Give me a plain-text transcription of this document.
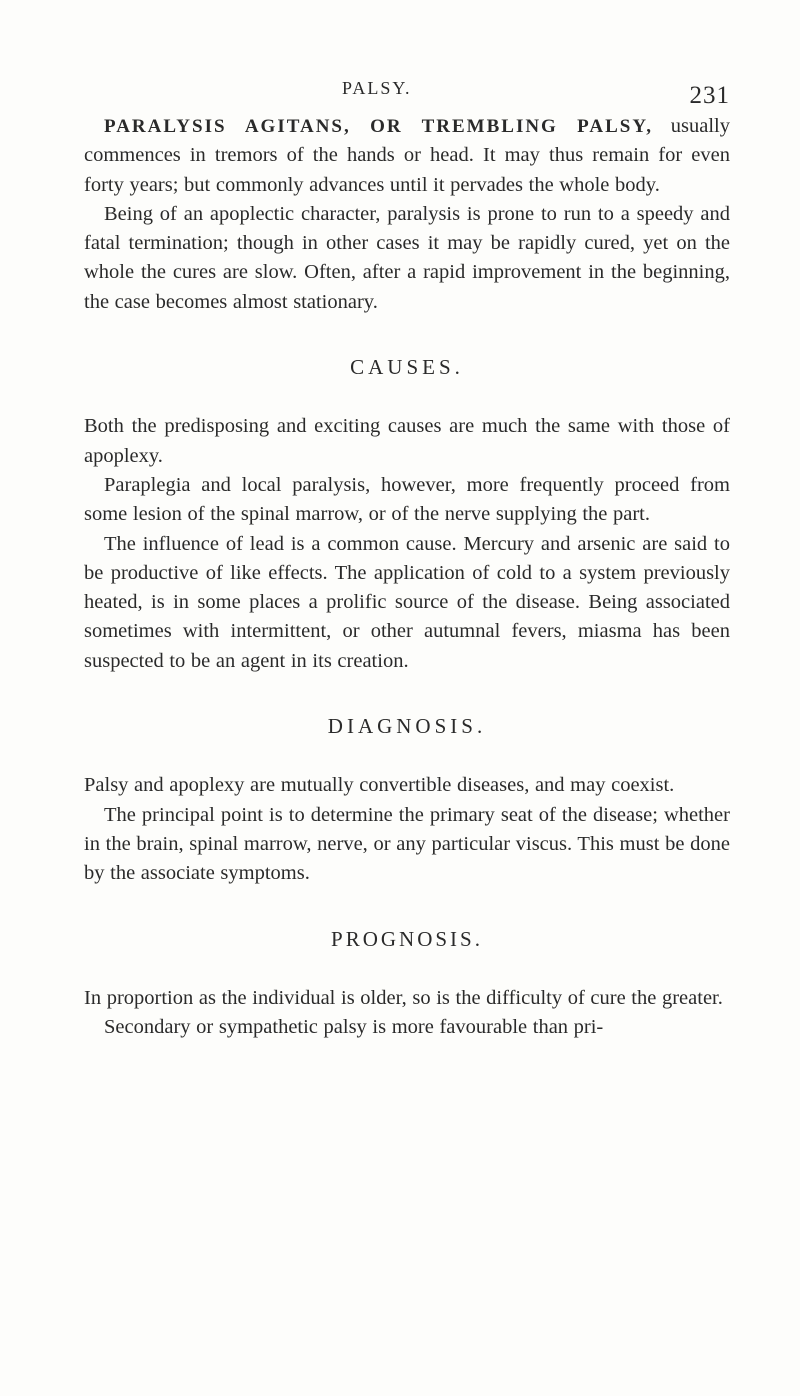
PALSY.	231

PARALYSIS AGITANS, OR TREMBLING PALSY, usually commences in tremors of the hands or head. It may thus remain for even forty years; but commonly advances until it pervades the whole body.

Being of an apoplectic character, paralysis is prone to run to a speedy and fatal termination; though in other cases it may be rapidly cured, yet on the whole the cures are slow. Often, after a rapid improvement in the beginning, the case becomes almost stationary.

CAUSES.

Both the predisposing and exciting causes are much the same with those of apoplexy.

Paraplegia and local paralysis, however, more frequently proceed from some lesion of the spinal marrow, or of the nerve supplying the part.

The influence of lead is a common cause. Mercury and arsenic are said to be productive of like effects. The application of cold to a system previously heated, is in some places a prolific source of the disease. Being associated sometimes with intermittent, or other autumnal fevers, miasma has been suspected to be an agent in its creation.

DIAGNOSIS.

Palsy and apoplexy are mutually convertible diseases, and may coexist.

The principal point is to determine the primary seat of the disease; whether in the brain, spinal marrow, nerve, or any particular viscus. This must be done by the associate symptoms.

PROGNOSIS.

In proportion as the individual is older, so is the difficulty of cure the greater.

Secondary or sympathetic palsy is more favourable than pri-
